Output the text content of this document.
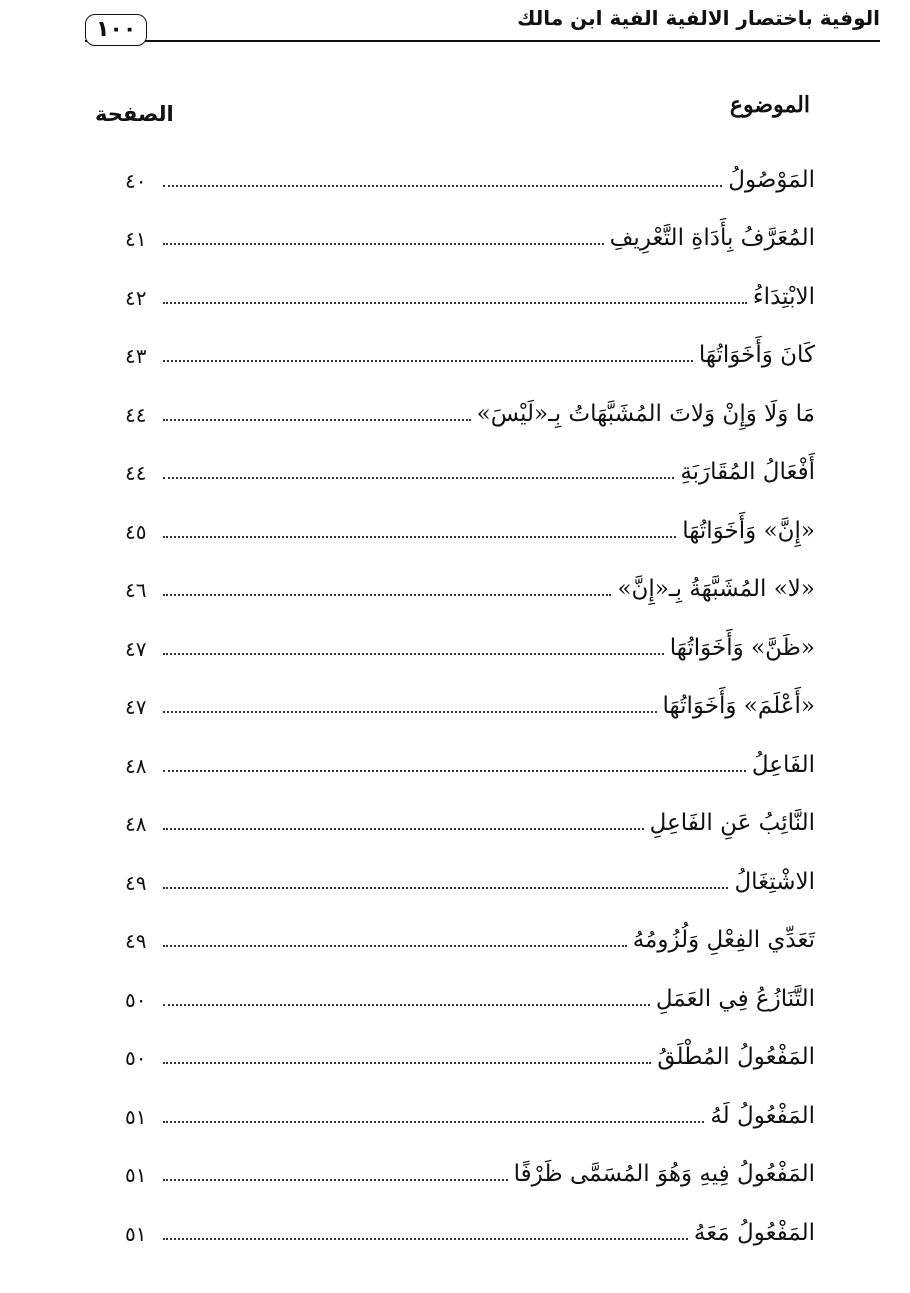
الوفية باختصار الالفية الفية ابن مالك
١٠٠
الموضوع
الصفحة
المَوْصُولُ
٤٠
المُعَرَّفُ بِأَدَاةِ التَّعْرِيفِ
٤١
الابْتِدَاءُ
٤٢
كَانَ وَأَخَوَاتُهَا
٤٣
مَا وَلَا وَإِنْ وَلاتَ المُشَبَّهَاتُ بِـ«لَيْسَ»
٤٤
أَفْعَالُ المُقَارَبَةِ
٤٤
«إِنَّ» وَأَخَوَاتُهَا
٤٥
«لا» المُشَبَّهَةُ بِـ«إِنَّ»
٤٦
«ظَنَّ» وَأَخَوَاتُهَا
٤٧
«أَعْلَمَ» وَأَخَوَاتُهَا
٤٧
الفَاعِلُ
٤٨
النَّائِبُ عَنِ الفَاعِلِ
٤٨
الاشْتِغَالُ
٤٩
تَعَدِّي الفِعْلِ وَلُزُومُهُ
٤٩
التَّنَازُعُ فِي العَمَلِ
٥٠
المَفْعُولُ المُطْلَقُ
٥٠
المَفْعُولُ لَهُ
٥١
المَفْعُولُ فِيهِ وَهُوَ المُسَمَّى ظَرْفًا
٥١
المَفْعُولُ مَعَهُ
٥١
